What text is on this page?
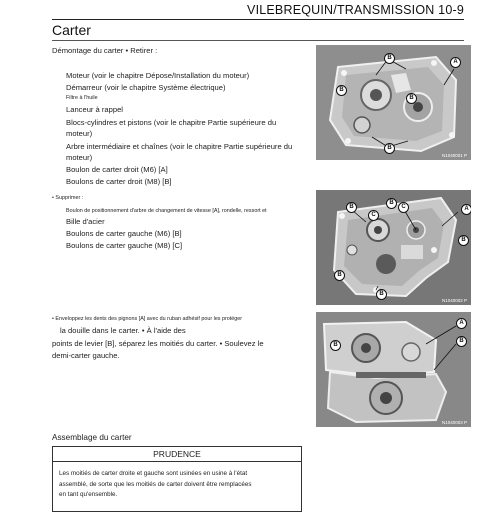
VILEBREQUIN/TRANSMISSION 10-9
Carter
Démontage du carter • Retirer :
Moteur (voir le chapitre Dépose/Installation du moteur)
Démarreur (voir le chapitre Système électrique)
Filtre à l'huile
Lanceur à rappel
Blocs-cylindres et pistons (voir le chapitre Partie supérieure du
moteur)
Arbre intermédiaire et chaînes (voir le chapitre Partie supérieure du
moteur)
Boulon de carter droit (M6) [A]
Boulons de carter droit (M8) [B]
• Supprimer :
Boulon de positionnement d'arbre de changement de vitesse [A], rondelle, ressort et
Bille d'acier
Boulons de carter gauche (M6) [B]
Boulons de carter gauche (M8) [C]
• Enveloppez les dents des pignons [A] avec du ruban adhésif pour les protéger
la douille dans le carter. • À l'aide des
points de levier [B], séparez les moitiés du carter. • Soulevez le
demi-carter gauche.
Assemblage du carter
PRUDENCE
Les moitiés de carter droite et gauche sont usinées en usine à l'état
assemblé, de sorte que les moitiés de carter doivent être remplacées
en tant qu'ensemble.
A
B
B
B
B
N1040001 P
A
B
B	C
C
B
B
B
N1040002 P
A
B
B
N1040003 P
